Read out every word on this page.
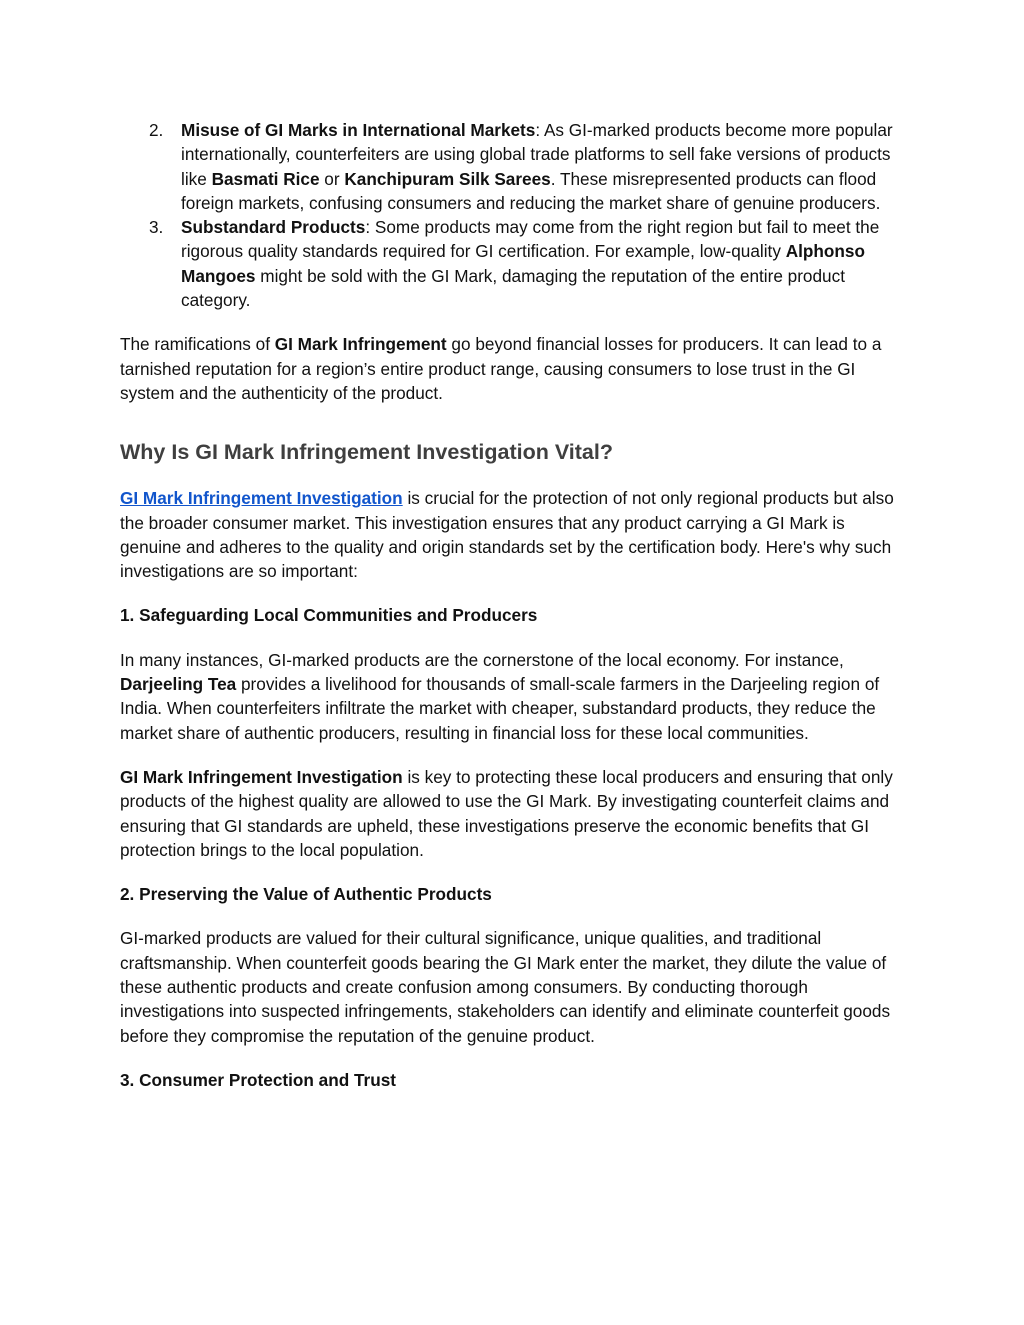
2. Misuse of GI Marks in International Markets: As GI-marked products become more popular internationally, counterfeiters are using global trade platforms to sell fake versions of products like Basmati Rice or Kanchipuram Silk Sarees. These misrepresented products can flood foreign markets, confusing consumers and reducing the market share of genuine producers.
3. Substandard Products: Some products may come from the right region but fail to meet the rigorous quality standards required for GI certification. For example, low-quality Alphonso Mangoes might be sold with the GI Mark, damaging the reputation of the entire product category.

The ramifications of GI Mark Infringement go beyond financial losses for producers. It can lead to a tarnished reputation for a region’s entire product range, causing consumers to lose trust in the GI system and the authenticity of the product.

Why Is GI Mark Infringement Investigation Vital?

GI Mark Infringement Investigation is crucial for the protection of not only regional products but also the broader consumer market. This investigation ensures that any product carrying a GI Mark is genuine and adheres to the quality and origin standards set by the certification body. Here's why such investigations are so important:

1. Safeguarding Local Communities and Producers

In many instances, GI-marked products are the cornerstone of the local economy. For instance, Darjeeling Tea provides a livelihood for thousands of small-scale farmers in the Darjeeling region of India. When counterfeiters infiltrate the market with cheaper, substandard products, they reduce the market share of authentic producers, resulting in financial loss for these local communities.

GI Mark Infringement Investigation is key to protecting these local producers and ensuring that only products of the highest quality are allowed to use the GI Mark. By investigating counterfeit claims and ensuring that GI standards are upheld, these investigations preserve the economic benefits that GI protection brings to the local population.

2. Preserving the Value of Authentic Products

GI-marked products are valued for their cultural significance, unique qualities, and traditional craftsmanship. When counterfeit goods bearing the GI Mark enter the market, they dilute the value of these authentic products and create confusion among consumers. By conducting thorough investigations into suspected infringements, stakeholders can identify and eliminate counterfeit goods before they compromise the reputation of the genuine product.

3. Consumer Protection and Trust
